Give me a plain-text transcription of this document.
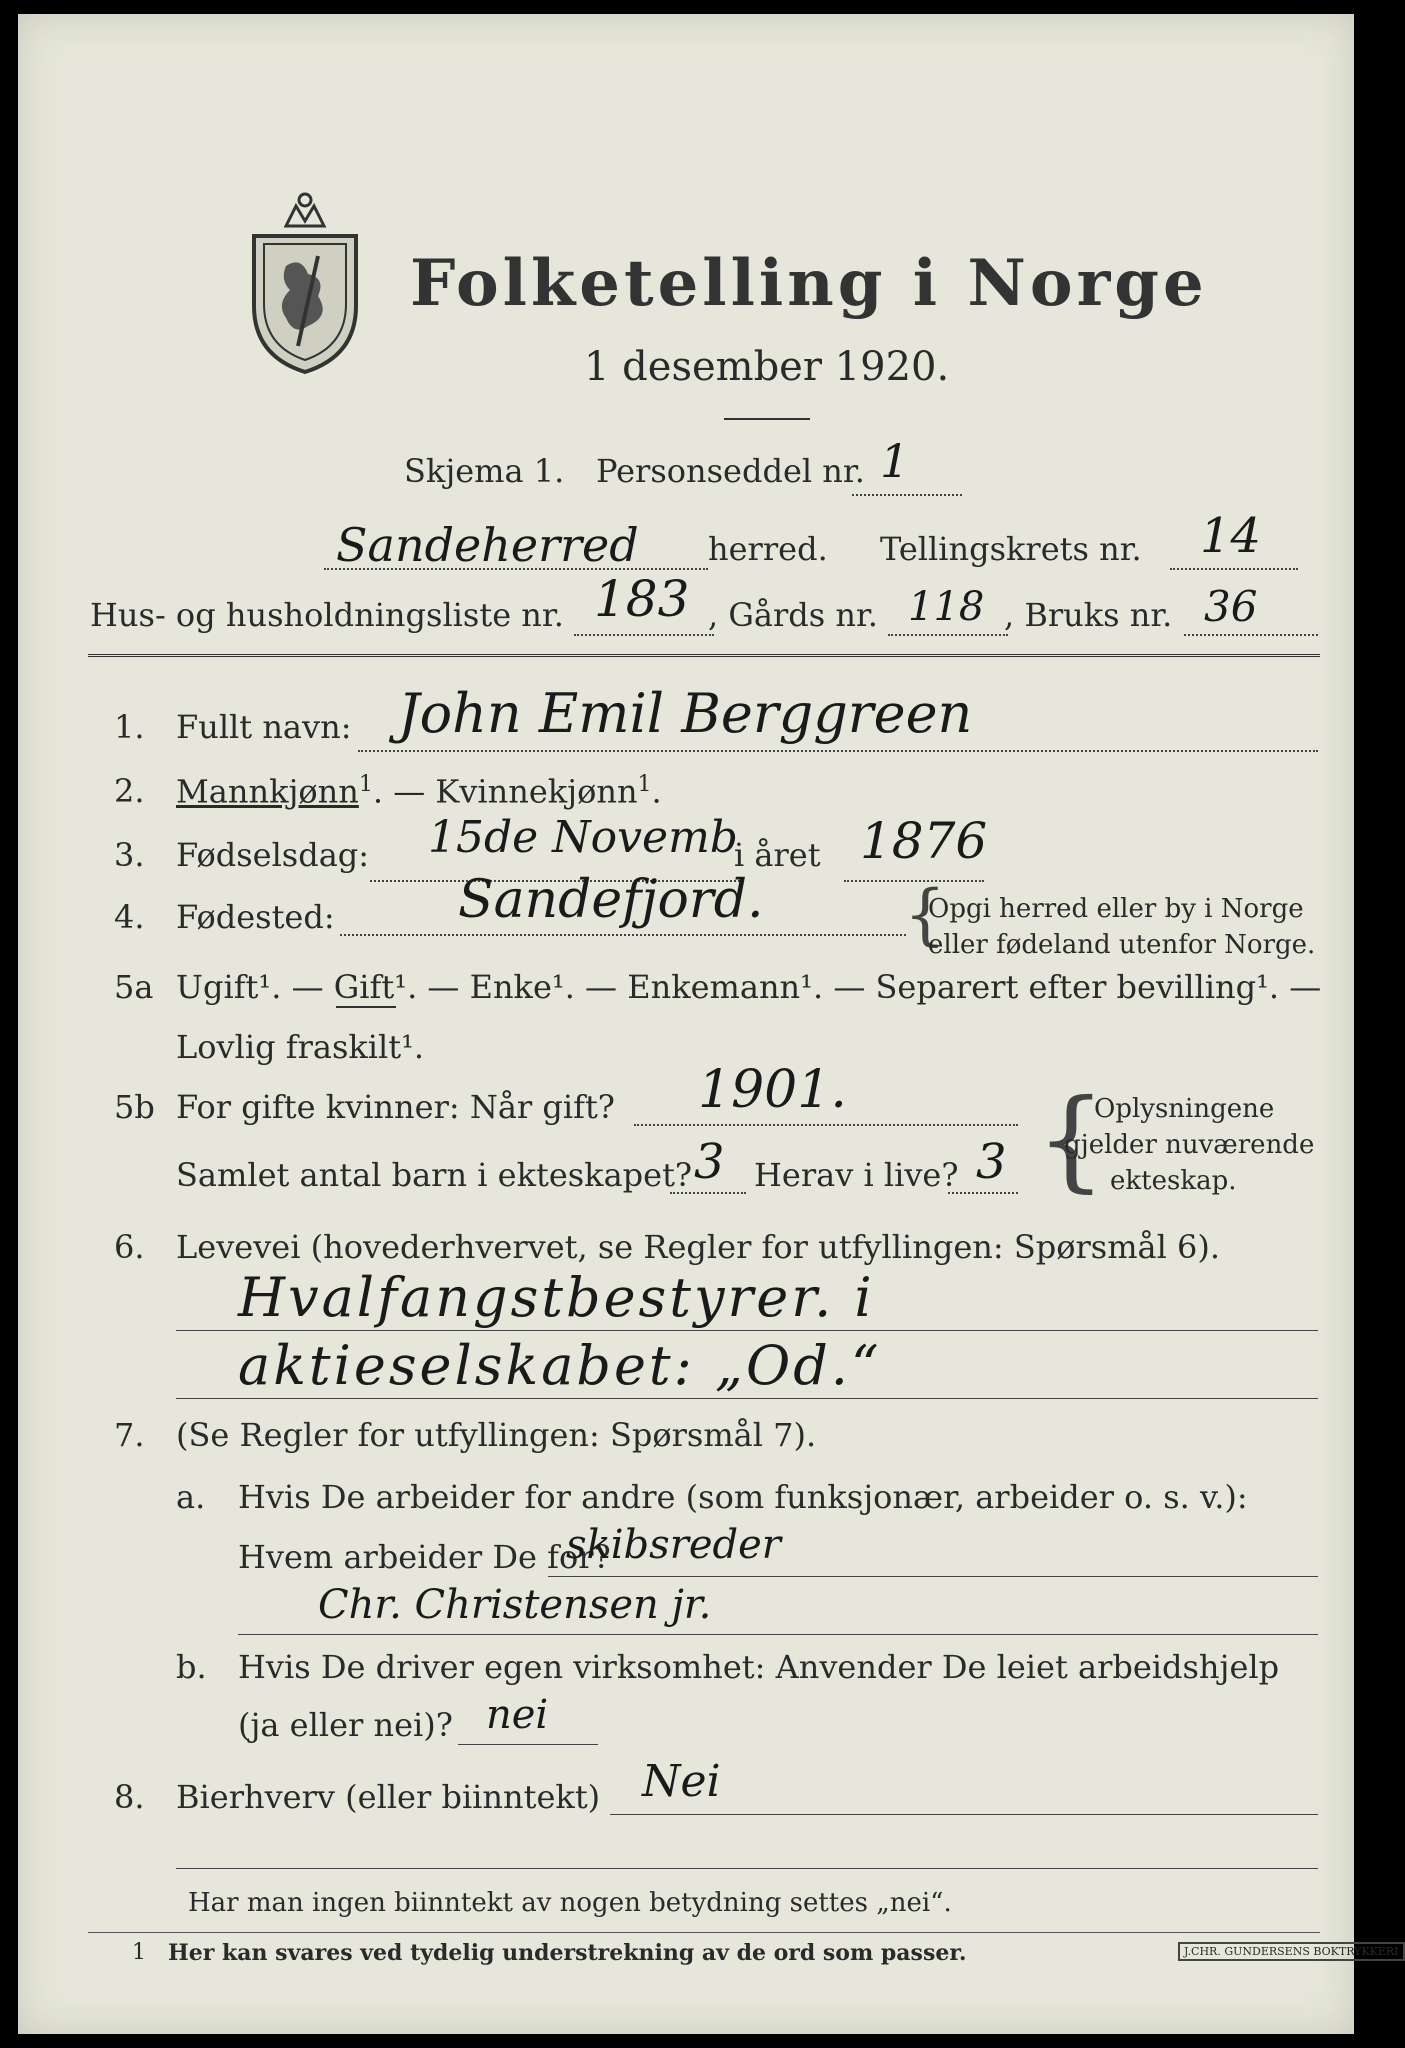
Folketelling i Norge
1 desember 1920.
Skjema 1. Personseddel nr. 1
Sandeherred herred. Tellingskrets nr. 14
Hus- og husholdningsliste nr. 183 , Gårds nr. 118 , Bruks nr. 36
1. Fullt navn: John Emil Berggreen
2. Mannkjønn$^1$. — Kvinnekjønn$^1$.
3. Fødselsdag: 15de Novemb
i året 1876
4. Fødested: Sandefjord. {
Opgi herred eller by i Norge
eller fødeland utenfor Norge.
5a Ugift¹. — Gift¹. — Enke¹. — Enkemann¹. — Separert efter bevilling¹. —
Lovlig fraskilt¹.
5b For gifte kvinner: Når gift? 1901.
Samlet antal barn i ekteskapet? 3 Herav i live? 3 {
Oplysningene
gjelder nuværende
ekteskap.
6. Levevei (hovederhvervet, se Regler for utfyllingen: Spørsmål 6).
Hvalfangstbestyrer. i
aktieselskabet: „Od.“
7. (Se Regler for utfyllingen: Spørsmål 7).
a. Hvis De arbeider for andre (som funksjonær, arbeider o. s. v.):
Hvem arbeider De for?
skibsreder
Chr. Christensen jr.
b. Hvis De driver egen virksomhet: Anvender De leiet arbeidshjelp
(ja eller nei)? nei
8. Bierhverv (eller biinntekt) Nei
Har man ingen biinntekt av nogen betydning settes „nei“.
1 Her kan svares ved tydelig understrekning av de ord som passer.	J.CHR. GUNDERSENS BOKTRYKKERI
